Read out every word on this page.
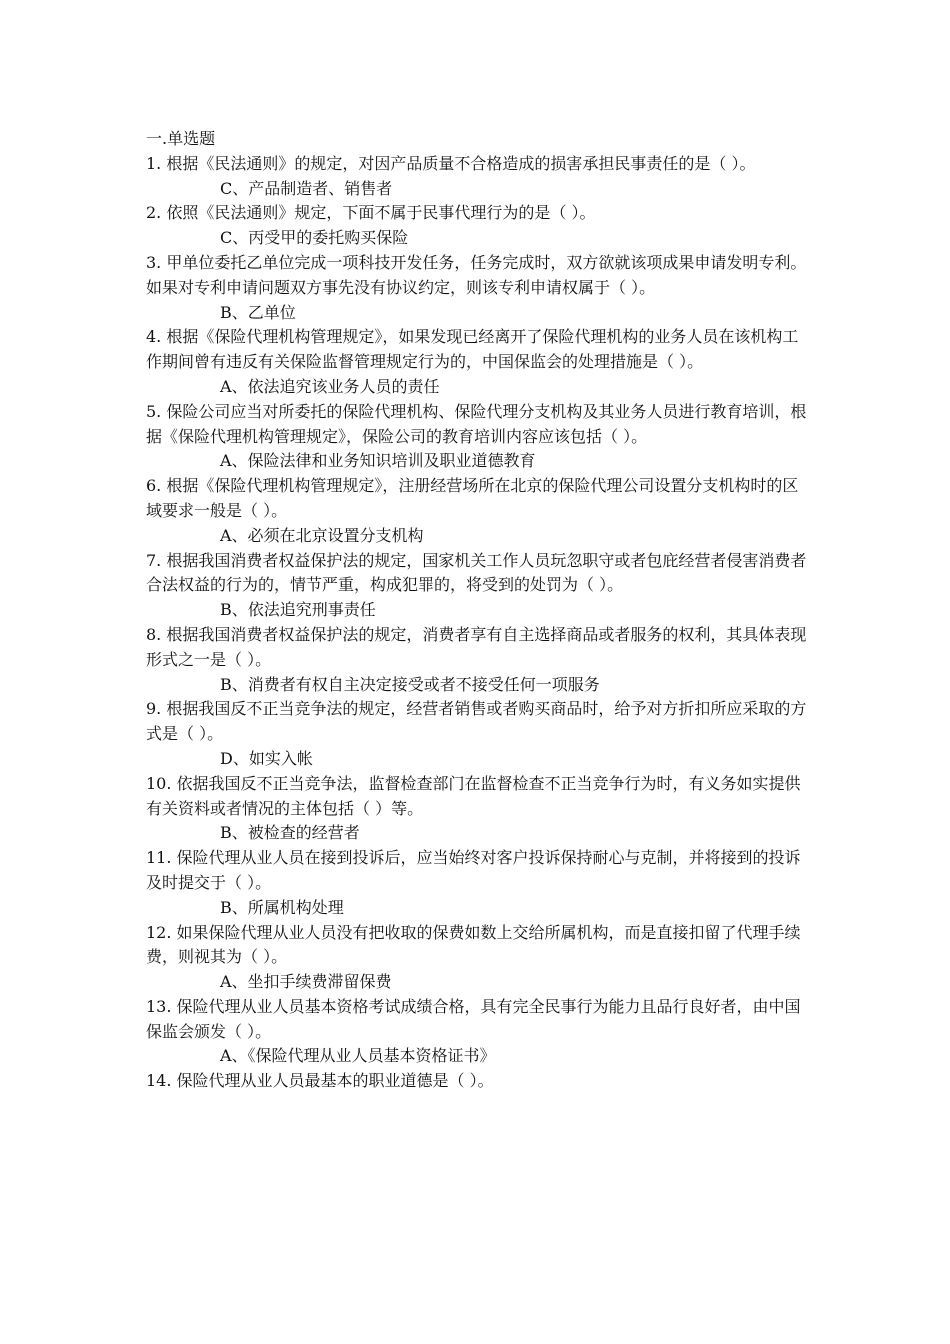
一.单选题

1. 根据《民法通则》的规定，对因产品质量不合格造成的损害承担民事责任的是（ ）。

C、产品制造者、销售者

2. 依照《民法通则》规定，下面不属于民事代理行为的是（ ）。

C、丙受甲的委托购买保险

3. 甲单位委托乙单位完成一项科技开发任务，任务完成时，双方欲就该项成果申请发明专利。如果对专利申请问题双方事先没有协议约定，则该专利申请权属于（ ）。

B、乙单位

4. 根据《保险代理机构管理规定》，如果发现已经离开了保险代理机构的业务人员在该机构工作期间曾有违反有关保险监督管理规定行为的，中国保监会的处理措施是（ ）。

A、依法追究该业务人员的责任

5. 保险公司应当对所委托的保险代理机构、保险代理分支机构及其业务人员进行教育培训，根据《保险代理机构管理规定》，保险公司的教育培训内容应该包括（ ）。

A、保险法律和业务知识培训及职业道德教育

6. 根据《保险代理机构管理规定》，注册经营场所在北京的保险代理公司设置分支机构时的区域要求一般是（ ）。

A、必须在北京设置分支机构

7. 根据我国消费者权益保护法的规定，国家机关工作人员玩忽职守或者包庇经营者侵害消费者合法权益的行为的，情节严重，构成犯罪的，将受到的处罚为（ ）。

B、依法追究刑事责任

8. 根据我国消费者权益保护法的规定，消费者享有自主选择商品或者服务的权利，其具体表现形式之一是（ ）。

B、消费者有权自主决定接受或者不接受任何一项服务

9. 根据我国反不正当竞争法的规定，经营者销售或者购买商品时，给予对方折扣所应采取的方式是（ ）。

D、如实入帐

10. 依据我国反不正当竞争法，监督检查部门在监督检查不正当竞争行为时，有义务如实提供有关资料或者情况的主体包括（ ）等。

B、被检查的经营者

11. 保险代理从业人员在接到投诉后，应当始终对客户投诉保持耐心与克制，并将接到的投诉及时提交于（ ）。

B、所属机构处理

12. 如果保险代理从业人员没有把收取的保费如数上交给所属机构，而是直接扣留了代理手续费，则视其为（ ）。

A、坐扣手续费滞留保费

13. 保险代理从业人员基本资格考试成绩合格，具有完全民事行为能力且品行良好者，由中国保监会颁发（ ）。

A、《保险代理从业人员基本资格证书》

14. 保险代理从业人员最基本的职业道德是（ ）。
